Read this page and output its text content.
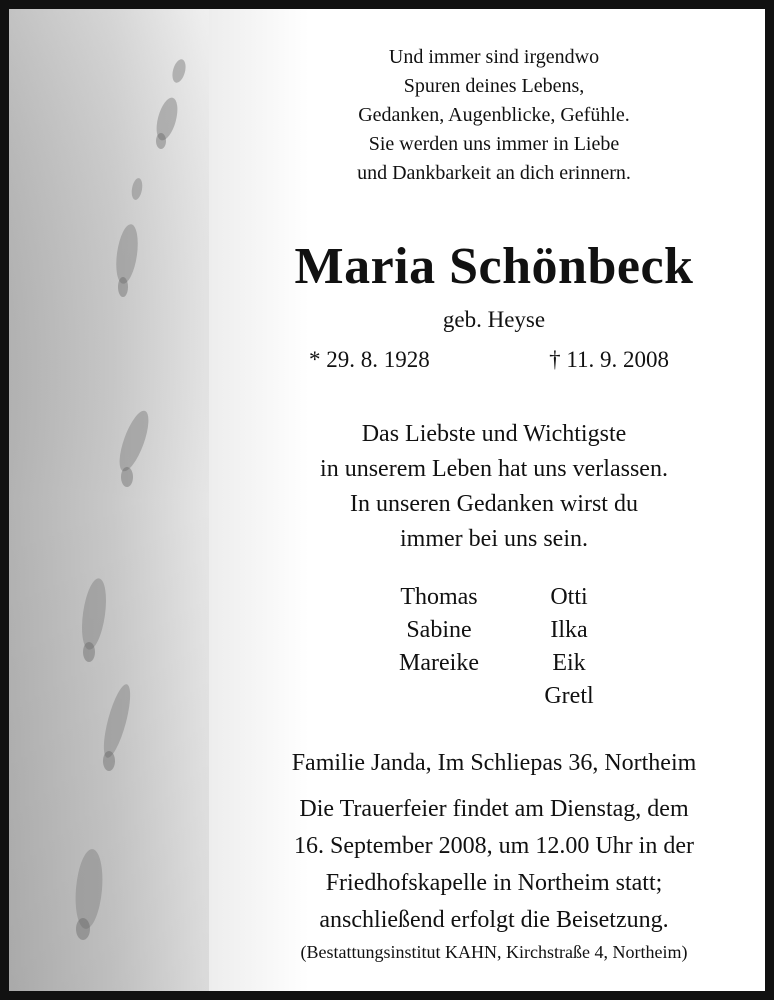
Und immer sind irgendwo
Spuren deines Lebens,
Gedanken, Augenblicke, Gefühle.
Sie werden uns immer in Liebe
und Dankbarkeit an dich erinnern.
Maria Schönbeck
geb. Heyse
* 29. 8. 1928	† 11. 9. 2008
Das Liebste und Wichtigste
in unserem Leben hat uns verlassen.
In unseren Gedanken wirst du
immer bei uns sein.
Thomas
Sabine
Mareike
Otti
Ilka
Eik
Gretl
Familie Janda, Im Schliepas 36, Northeim
Die Trauerfeier findet am Dienstag, dem
16. September 2008, um 12.00 Uhr in der
Friedhofskapelle in Northeim statt;
anschließend erfolgt die Beisetzung.
(Bestattungsinstitut KAHN, Kirchstraße 4, Northeim)
